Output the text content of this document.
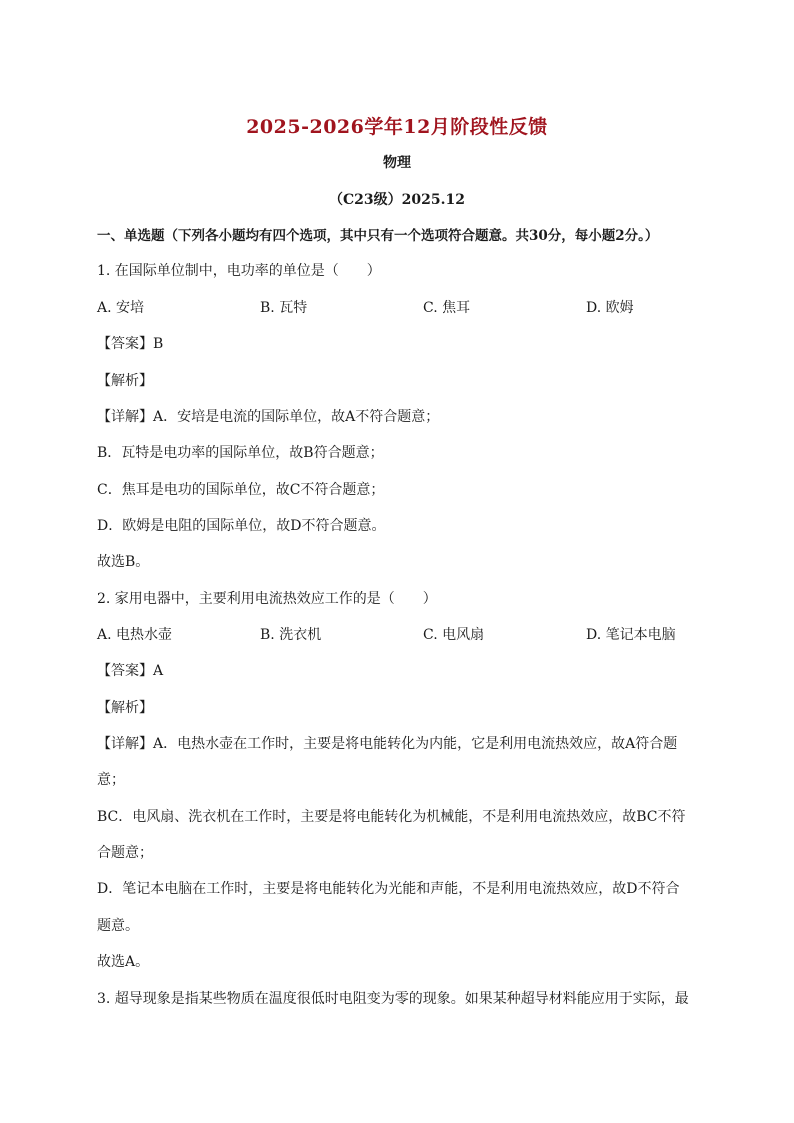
2025-2026学年12月阶段性反馈
物理
（C23级）2025.12
一、单选题（下列各小题均有四个选项，其中只有一个选项符合题意。共30分，每小题2分。）
1. 在国际单位制中，电功率的单位是（　　）
A. 安培	B. 瓦特	C. 焦耳	D. 欧姆
【答案】B
【解析】
【详解】A．安培是电流的国际单位，故A不符合题意；
B．瓦特是电功率的国际单位，故B符合题意；
C．焦耳是电功的国际单位，故C不符合题意；
D．欧姆是电阻的国际单位，故D不符合题意。
故选B。
2. 家用电器中，主要利用电流热效应工作的是（　　）
A. 电热水壶	B. 洗衣机	C. 电风扇	D. 笔记本电脑
【答案】A
【解析】
【详解】A．电热水壶在工作时，主要是将电能转化为内能，它是利用电流热效应，故A符合题
意；
BC．电风扇、洗衣机在工作时，主要是将电能转化为机械能，不是利用电流热效应，故BC不符
合题意；
D．笔记本电脑在工作时，主要是将电能转化为光能和声能，不是利用电流热效应，故D不符合
题意。
故选A。
3. 超导现象是指某些物质在温度很低时电阻变为零的现象。如果某种超导材料能应用于实际，最
